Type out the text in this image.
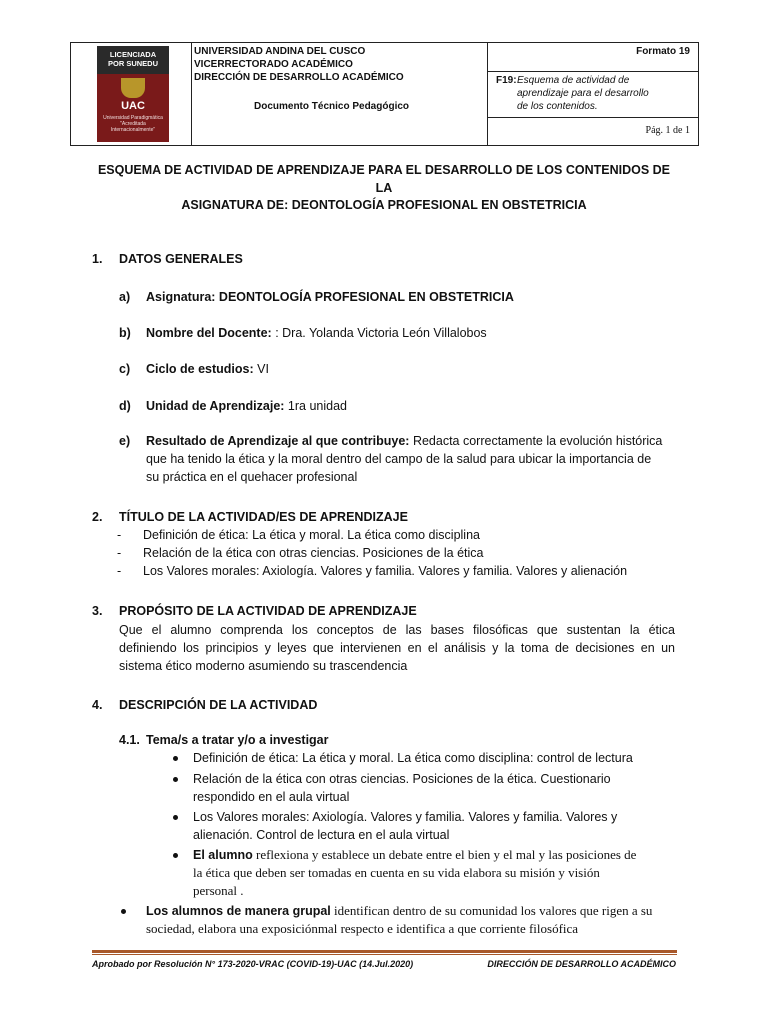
LICENCIADA
POR SUNEDU
UAC
Universidad Paradigmática
"Acreditada
Internacionalmente"
UNIVERSIDAD ANDINA DEL CUSCO
VICERRECTORADO ACADÉMICO
DIRECCIÓN DE DESARROLLO ACADÉMICO
Documento Técnico Pedagógico
Formato 19
F19: Esquema de actividad de
aprendizaje para el desarrollo
de los contenidos.
Pág. 1 de 1
ESQUEMA DE ACTIVIDAD DE APRENDIZAJE PARA EL DESARROLLO DE LOS CONTENIDOS DE
LA
ASIGNATURA DE: DEONTOLOGÍA PROFESIONAL EN OBSTETRICIA
1. DATOS GENERALES
a) Asignatura: DEONTOLOGÍA PROFESIONAL EN OBSTETRICIA
b) Nombre del Docente: : Dra. Yolanda Victoria León Villalobos
c) Ciclo de estudios: VI
d) Unidad de Aprendizaje: 1ra unidad
e) Resultado de Aprendizaje al que contribuye: Redacta correctamente la evolución histórica
que ha tenido la ética y la moral dentro del campo de la salud para ubicar la importancia de
su práctica en el quehacer profesional
2. TÍTULO DE LA ACTIVIDAD/ES DE APRENDIZAJE
- Definición de ética: La ética y moral. La ética como disciplina
- Relación de la ética con otras ciencias. Posiciones de la ética
- Los Valores morales: Axiología. Valores y familia. Valores y familia. Valores y alienación
3. PROPÓSITO DE LA ACTIVIDAD DE APRENDIZAJE
Que el alumno comprenda los conceptos de las bases filosóficas que sustentan la ética
definiendo los principios y leyes que intervienen en el análisis y la toma de decisiones en un
sistema ético moderno asumiendo su trascendencia
4. DESCRIPCIÓN DE LA ACTIVIDAD
4.1. Tema/s a tratar y/o a investigar
Definición de ética: La ética y moral. La ética como disciplina: control de lectura
Relación de la ética con otras ciencias. Posiciones de la ética. Cuestionario
respondido en el aula virtual
Los Valores morales: Axiología. Valores y familia. Valores y familia. Valores y
alienación. Control de lectura en el aula virtual
El alumno reflexiona y establece un debate entre el bien y el mal y las posiciones de
la ética que deben ser tomadas en cuenta en su vida elabora su misión y visión
personal .
Los alumnos de manera grupal identifican dentro de su comunidad los valores que rigen a su
sociedad, elabora una exposiciónmal respecto e identifica a que corriente filosófica
Aprobado por Resolución N° 173-2020-VRAC (COVID-19)-UAC (14.Jul.2020)	DIRECCIÓN DE DESARROLLO ACADÉMICO
